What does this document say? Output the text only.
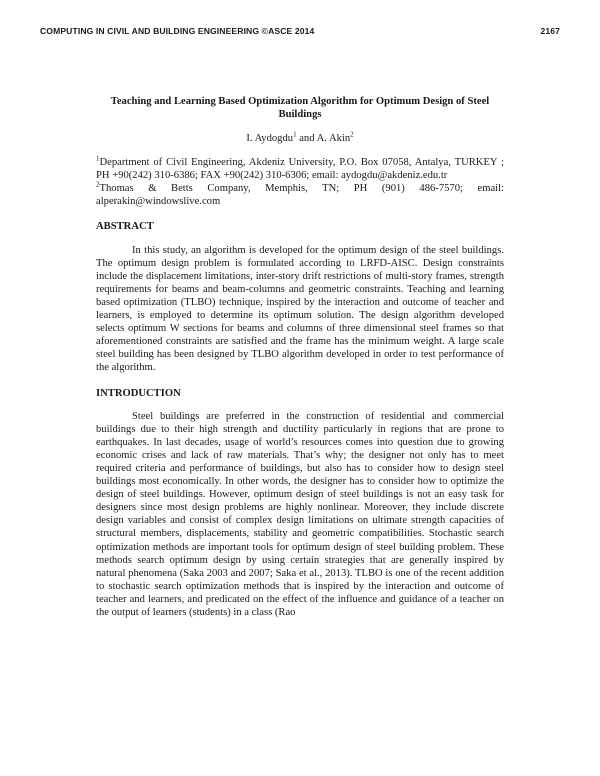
COMPUTING IN CIVIL AND BUILDING ENGINEERING ©ASCE 2014	2167
Teaching and Learning Based Optimization Algorithm for Optimum Design of Steel Buildings
I. Aydogdu$^1$ and A. Akin$^2$

$^1$Department of Civil Engineering, Akdeniz University, P.O. Box 07058, Antalya, TURKEY ; PH +90(242) 310-6386; FAX +90(242) 310-6306; email: aydogdu@akdeniz.edu.tr

$^2$Thomas & Betts Company, Memphis, TN; PH (901) 486-7570; email: alperakin@windowslive.com

ABSTRACT

In this study, an algorithm is developed for the optimum design of the steel buildings. The optimum design problem is formulated according to LRFD-AISC. Design constraints include the displacement limitations, inter-story drift restrictions of multi-story frames, strength requirements for beams and beam-columns and geometric constraints. Teaching and learning based optimization (TLBO) technique, inspired by the interaction and outcome of teacher and learners, is employed to determine its optimum solution. The design algorithm developed selects optimum W sections for beams and columns of three dimensional steel frames so that aforementioned constraints are satisfied and the frame has the minimum weight. A large scale steel building has been designed by TLBO algorithm developed in order to test performance of the algorithm.

INTRODUCTION

Steel buildings are preferred in the construction of residential and commercial buildings due to their high strength and ductility particularly in regions that are prone to earthquakes. In last decades, usage of world’s resources comes into question due to growing economic crises and lack of raw materials. That’s why; the designer not only has to meet required criteria and performance of buildings, but also has to consider how to design steel buildings most economically. In other words, the designer has to consider how to optimize the design of steel buildings. However, optimum design of steel buildings is not an easy task for designers since most design problems are highly nonlinear. Moreover, they include discrete design variables and consist of complex design limitations on ultimate strength capacities of structural members, displacements, stability and geometric compatibilities. Stochastic search optimization methods are important tools for optimum design of steel building problem. These methods search optimum design by using certain strategies that are generally inspired by natural phenomena (Saka 2003 and 2007; Saka et al., 2013). TLBO is one of the recent addition to stochastic search optimization methods that is inspired by the interaction and outcome of teacher and learners, and predicated on the effect of the influence and guidance of a teacher on the output of learners (students) in a class (Rao
